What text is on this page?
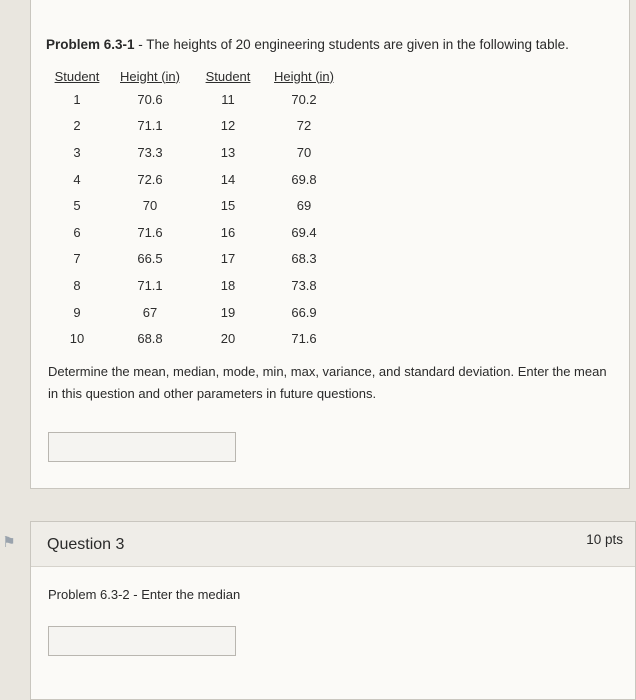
Problem 6.3-1 - The heights of 20 engineering students are given in the following table.
Student	Height (in)	Student	Height (in)
1	70.6	11	70.2
2	71.1	12	72
3	73.3	13	70
4	72.6	14	69.8
5	70	15	69
6	71.6	16	69.4
7	66.5	17	68.3
8	71.1	18	73.8
9	67	19	66.9
10	68.8	20	71.6
Determine the mean, median, mode, min, max, variance, and standard deviation. Enter the mean in this question and other parameters in future questions.
⚑ Question 3	10 pts
Problem 6.3-2 - Enter the median
